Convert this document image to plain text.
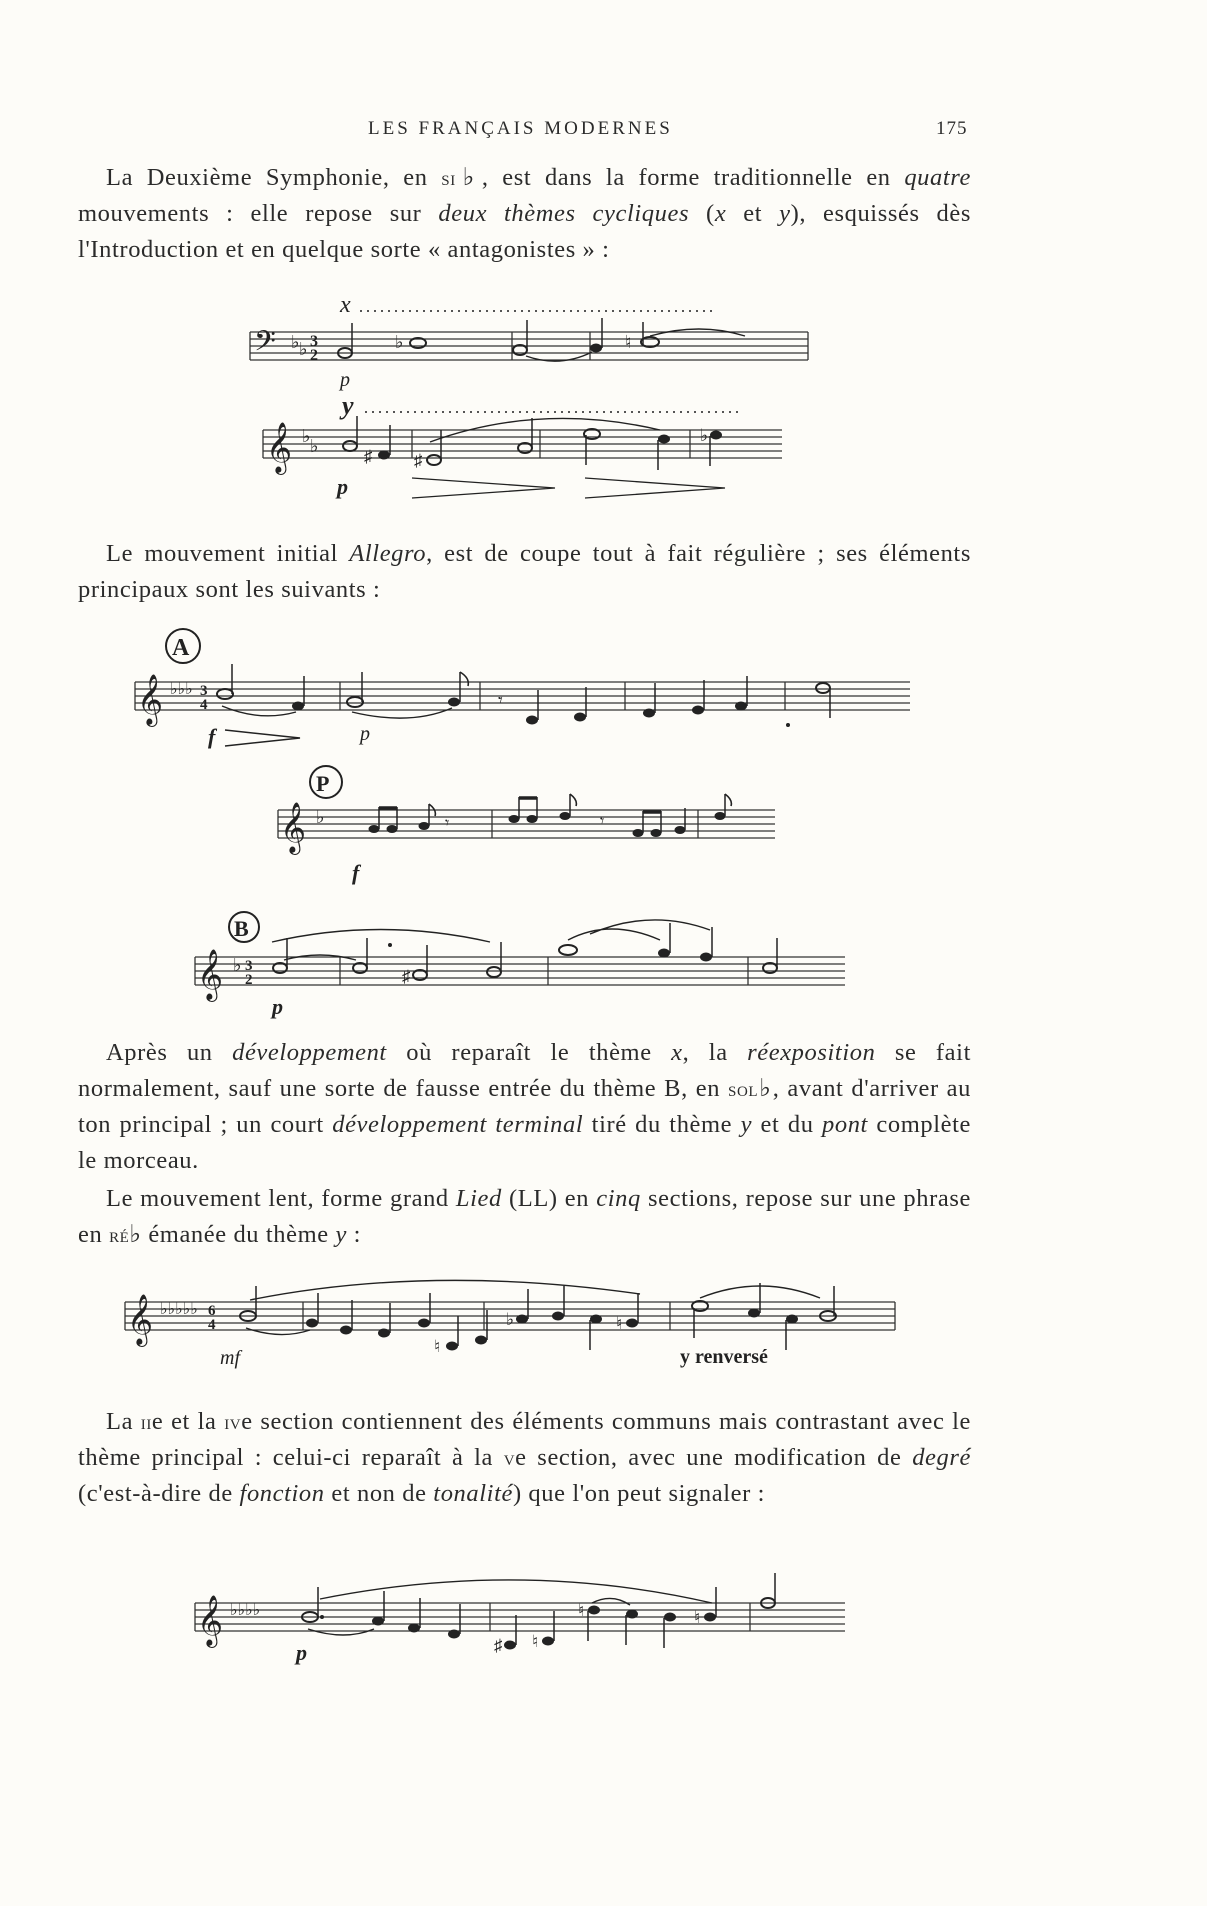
LES FRANÇAIS MODERNES	175

La Deuxième Symphonie, en si♭, est dans la forme traditionnelle en quatre mouvements : elle repose sur deux thèmes cycliques (x et y), esquissés dès l'Introduction et en quelque sorte « antagonistes » :

x
𝄢 ♭ ♭ 3
2
♭	♮
p
y
𝄞 ♭ ♭
♯ ♯
♭
p

Le mouvement initial Allegro, est de coupe tout à fait régulière ; ses éléments principaux sont les suivants :

A
𝄞 ♭♭♭ 3
4	𝄾
f	p
P
𝄞 ♭	𝄾	𝄾
f
B
𝄞 ♭ 3
2	♯
p

Après un développement où reparaît le thème x, la réexposition se fait normalement, sauf une sorte de fausse entrée du thème B, en sol♭, avant d'arriver au ton principal ; un court développement terminal tiré du thème y et du pont complète le morceau.

Le mouvement lent, forme grand Lied (LL) en cinq sections, repose sur une phrase en ré♭ émanée du thème y :

𝄞 ♭♭♭♭♭ 6
4
♮
♭	♮
mf	y renversé

La iie et la ive section contiennent des éléments communs mais contrastant avec le thème principal : celui-ci reparaît à la ve section, avec une modification de degré (c'est-à-dire de fonction et non de tonalité) que l'on peut signaler :

𝄞 ♭♭♭♭
♯ ♮
♮	♮
p
